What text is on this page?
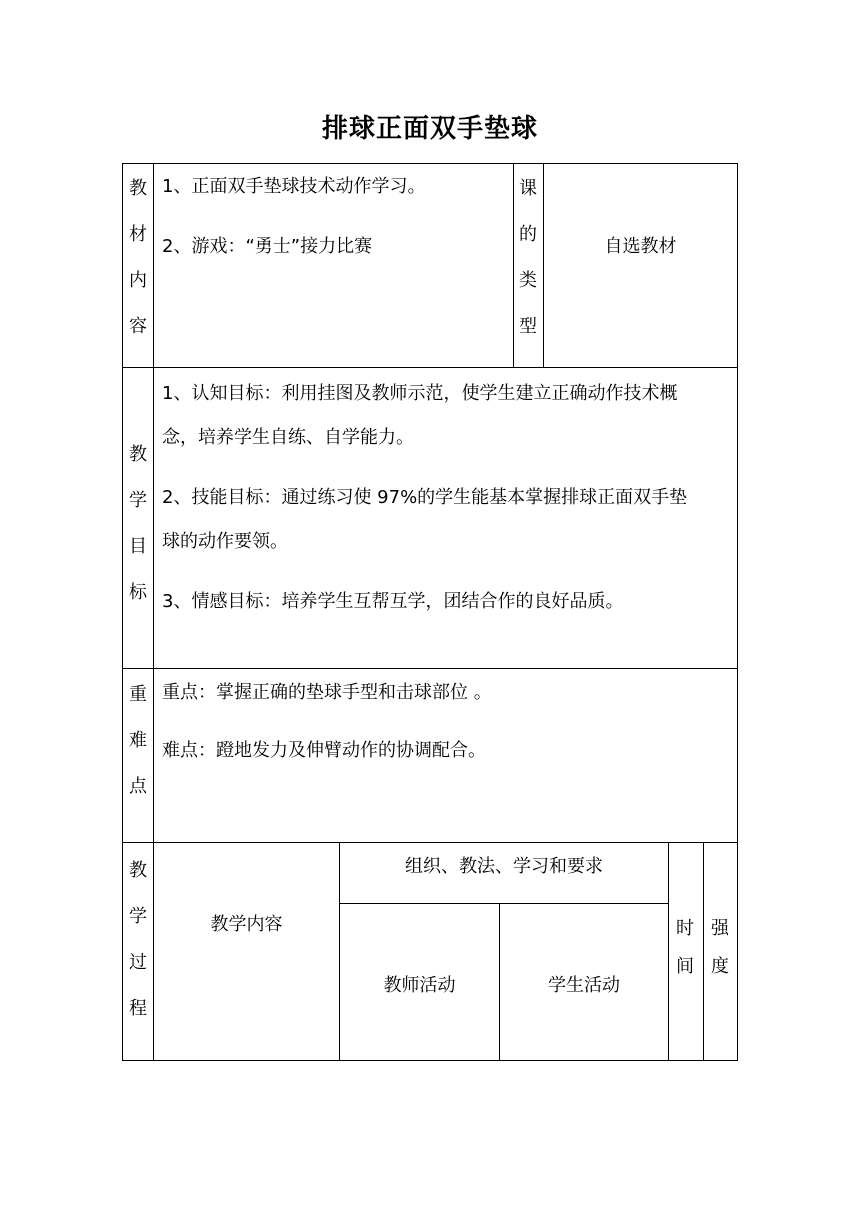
排球正面双手垫球
教
材
内
容
1、正面双手垫球技术动作学习。
2、游戏：“勇士”接力比赛
课
的
类
型
自选教材
教
学
目
标
1、认知目标：利用挂图及教师示范，使学生建立正确动作技术概
念，培养学生自练、自学能力。
2、技能目标：通过练习使 97%的学生能基本掌握排球正面双手垫
球的动作要领。
3、情感目标：培养学生互帮互学，团结合作的良好品质。
重
难
点
重点：掌握正确的垫球手型和击球部位 。
难点：蹬地发力及伸臂动作的协调配合。
教
学
过
程
教学内容
组织、教法、学习和要求
教师活动	学生活动
时
间
强
度
